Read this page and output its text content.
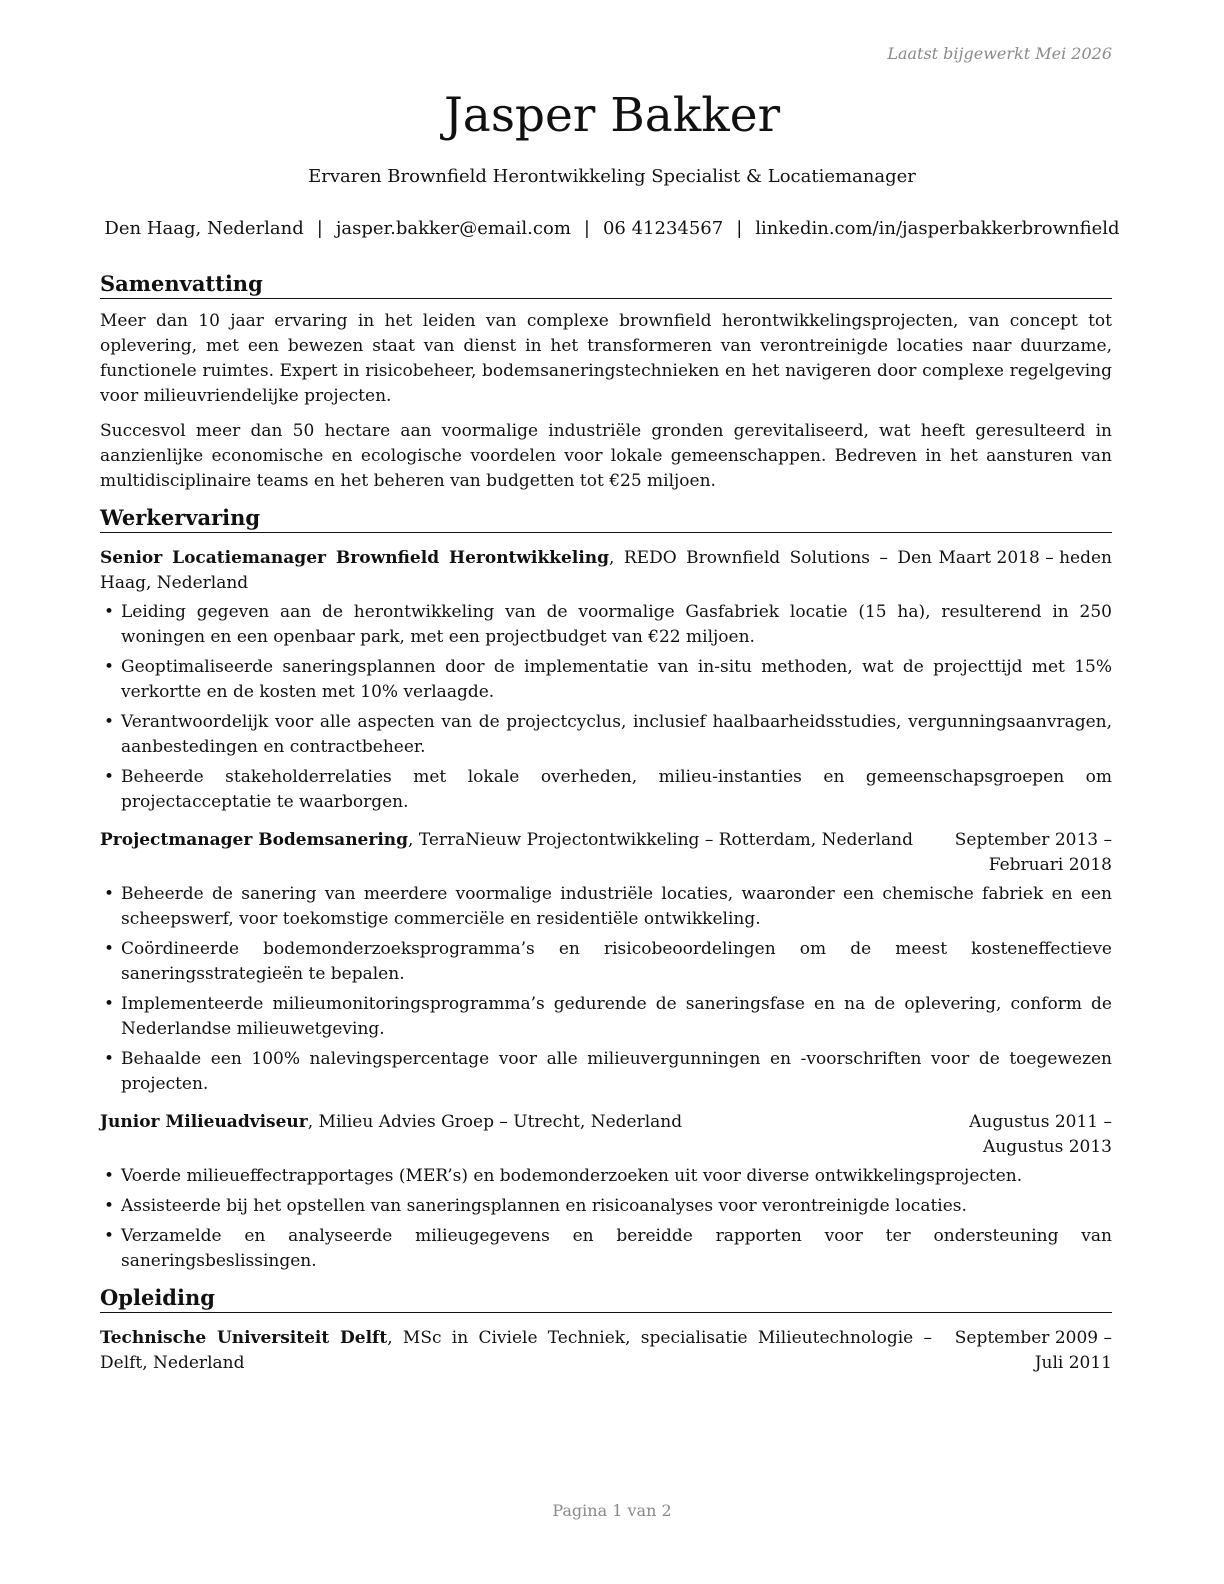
Laatst bijgewerkt Mei 2026
Jasper Bakker
Ervaren Brownfield Herontwikkeling Specialist & Locatiemanager
Den Haag, Nederland | jasper.bakker@email.com | 06 41234567 | linkedin.com/in/jasperbakkerbrownfield
Samenvatting

Meer dan 10 jaar ervaring in het leiden van complexe brownfield herontwikkelingsprojecten, van concept tot oplevering, met een bewezen staat van dienst in het transformeren van verontreinigde locaties naar duurzame, functionele ruimtes. Expert in risicobeheer, bodemsaneringstechnieken en het navigeren door complexe regelgeving voor milieuvriendelijke projecten.

Succesvol meer dan 50 hectare aan voormalige industriële gronden gerevitaliseerd, wat heeft geresulteerd in aanzienlijke economische en ecologische voordelen voor lokale gemeenschappen. Bedreven in het aansturen van multidisciplinaire teams en het beheren van budgetten tot €25 miljoen.

Werkervaring
Senior Locatiemanager Brownfield Herontwikkeling, REDO Brownfield Solutions – Den Haag, Nederland
Maart 2018 – heden
• Leiding gegeven aan de herontwikkeling van de voormalige Gasfabriek locatie (15 ha), resulterend in 250 woningen en een openbaar park, met een projectbudget van €22 miljoen.
• Geoptimaliseerde saneringsplannen door de implementatie van in-situ methoden, wat de projecttijd met 15% verkortte en de kosten met 10% verlaagde.
• Verantwoordelijk voor alle aspecten van de projectcyclus, inclusief haalbaarheidsstudies, vergunningsaanvragen, aanbestedingen en contractbeheer.
• Beheerde stakeholderrelaties met lokale overheden, milieu-instanties en gemeenschapsgroepen om projectacceptatie te waarborgen.
Projectmanager Bodemsanering, TerraNieuw Projectontwikkeling – Rotterdam, Nederland	September 2013 – Februari 2018
• Beheerde de sanering van meerdere voormalige industriële locaties, waaronder een chemische fabriek en een scheepswerf, voor toekomstige commerciële en residentiële ontwikkeling.
• Coördineerde bodemonderzoeksprogramma’s en risicobeoordelingen om de meest kosteneffectieve saneringsstrategieën te bepalen.
• Implementeerde milieumonitoringsprogramma’s gedurende de saneringsfase en na de oplevering, conform de Nederlandse milieuwetgeving.
• Behaalde een 100% nalevingspercentage voor alle milieuvergunningen en -voorschriften voor de toegewezen projecten.
Junior Milieuadviseur, Milieu Advies Groep – Utrecht, Nederland	Augustus 2011 – Augustus 2013
• Voerde milieueffectrapportages (MER’s) en bodemonderzoeken uit voor diverse ontwikkelingsprojecten.
• Assisteerde bij het opstellen van saneringsplannen en risicoanalyses voor verontreinigde locaties.
• Verzamelde en analyseerde milieugegevens en bereidde rapporten voor ter ondersteuning van saneringsbeslissingen.
Opleiding
Technische Universiteit Delft, MSc in Civiele Techniek, specialisatie Milieutechnologie – Delft, Nederland
September 2009 – Juli 2011
Pagina 1 van 2
